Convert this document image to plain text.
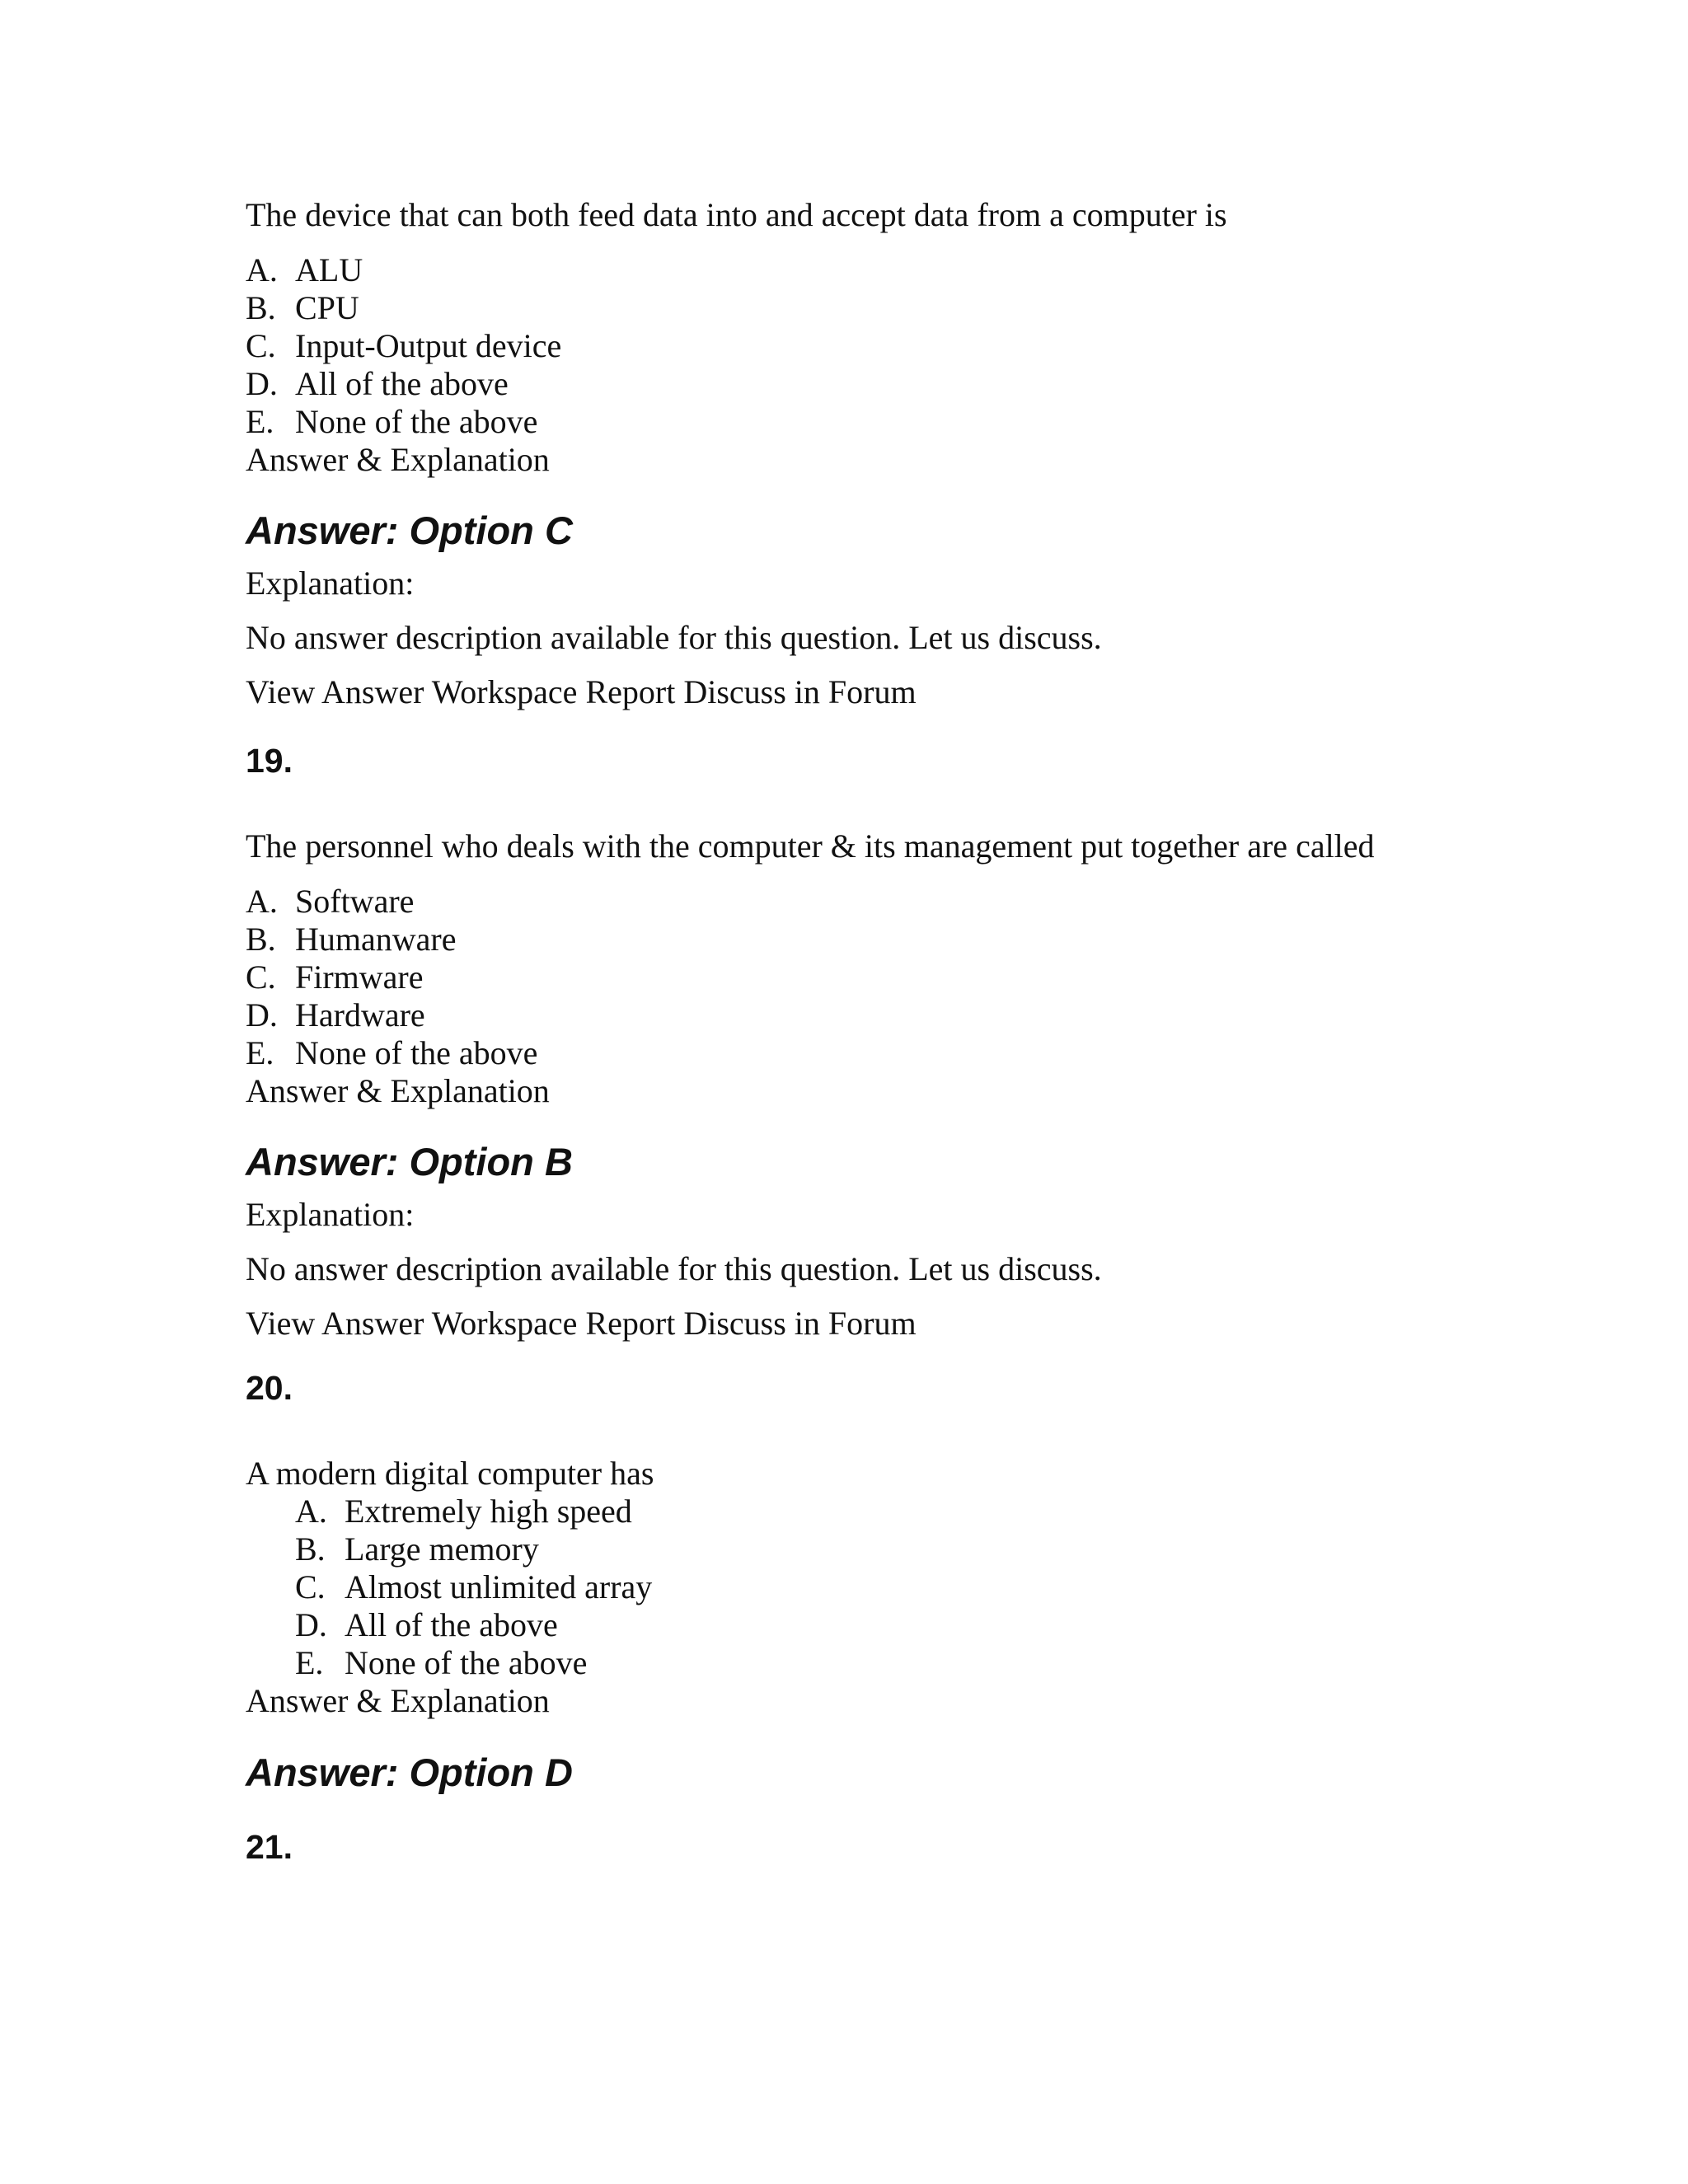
The device that can both feed data into and accept data from a computer is

A. ALU
B. CPU
C. Input-Output device
D. All of the above
E. None of the above

Answer & Explanation

Answer: Option C

Explanation:

No answer description available for this question. Let us discuss.

View Answer Workspace Report Discuss in Forum

19.

The personnel who deals with the computer & its management put together are called

A. Software
B. Humanware
C. Firmware
D. Hardware
E. None of the above

Answer & Explanation

Answer: Option B

Explanation:

No answer description available for this question. Let us discuss.

View Answer Workspace Report Discuss in Forum

20.

A modern digital computer has

A. Extremely high speed
B. Large memory
C. Almost unlimited array
D. All of the above
E. None of the above

Answer & Explanation

Answer: Option D

21.
